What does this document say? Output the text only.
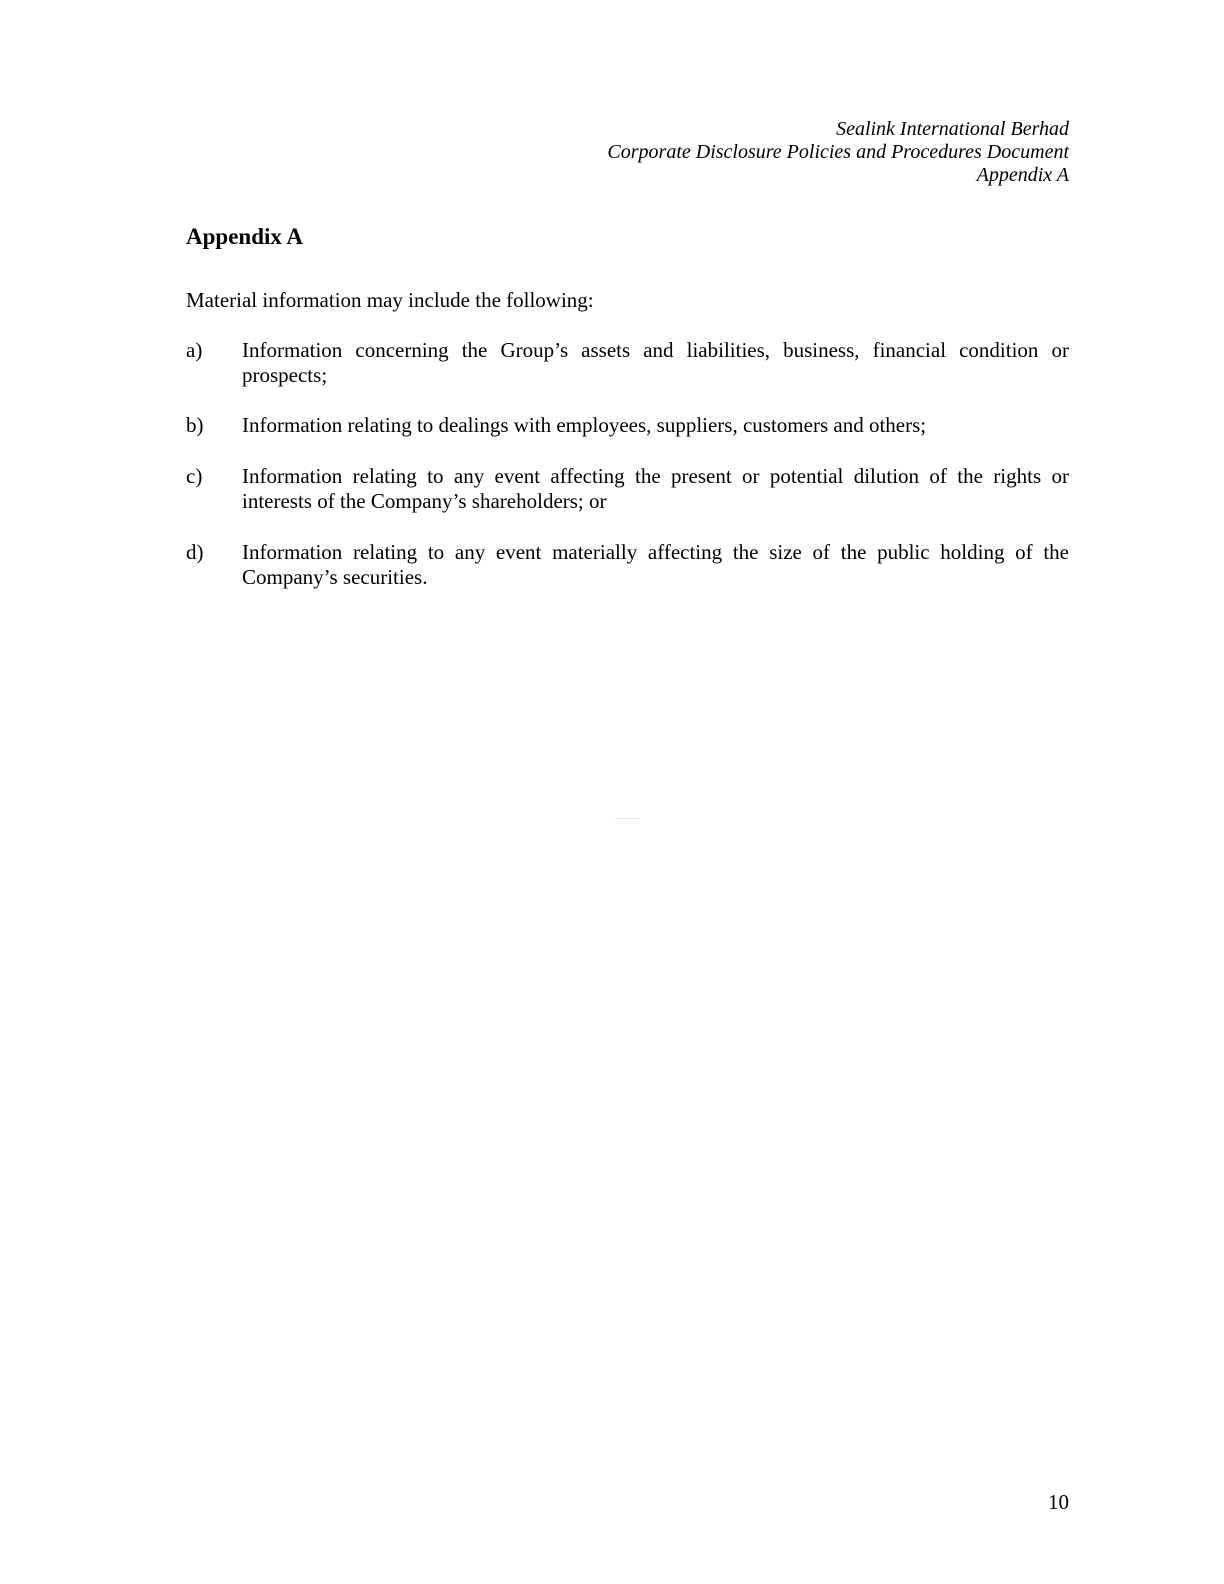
Sealink International Berhad
Corporate Disclosure Policies and Procedures Document
Appendix A
Appendix A

Material information may include the following:

a) Information concerning the Group’s assets and liabilities, business, financial condition or prospects;
b) Information relating to dealings with employees, suppliers, customers and others;
c) Information relating to any event affecting the present or potential dilution of the rights or interests of the Company’s shareholders; or
d) Information relating to any event materially affecting the size of the public holding of the Company’s securities.
10
